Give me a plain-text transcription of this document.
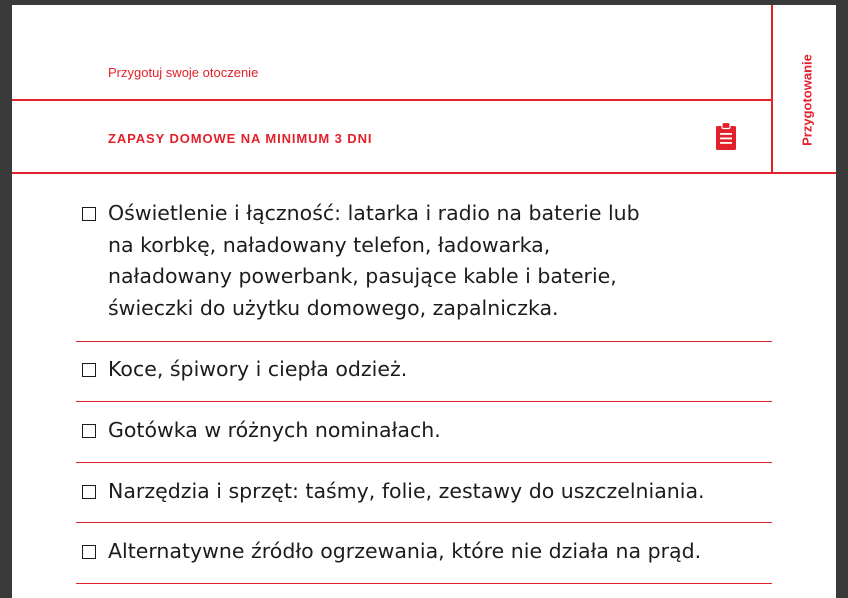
Przygotowanie
Przygotuj swoje otoczenie
ZAPASY DOMOWE NA MINIMUM 3 DNI
Oświetlenie i łączność: latarka i radio na baterie lub na korbkę, naładowany telefon, ładowarka, naładowany powerbank, pasujące kable i baterie, świeczki do użytku domowego, zapalniczka.
Koce, śpiwory i ciepła odzież.
Gotówka w różnych nominałach.
Narzędzia i sprzęt: taśmy, folie, zestawy do uszczelniania.
Alternatywne źródło ogrzewania, które nie działa na prąd.
